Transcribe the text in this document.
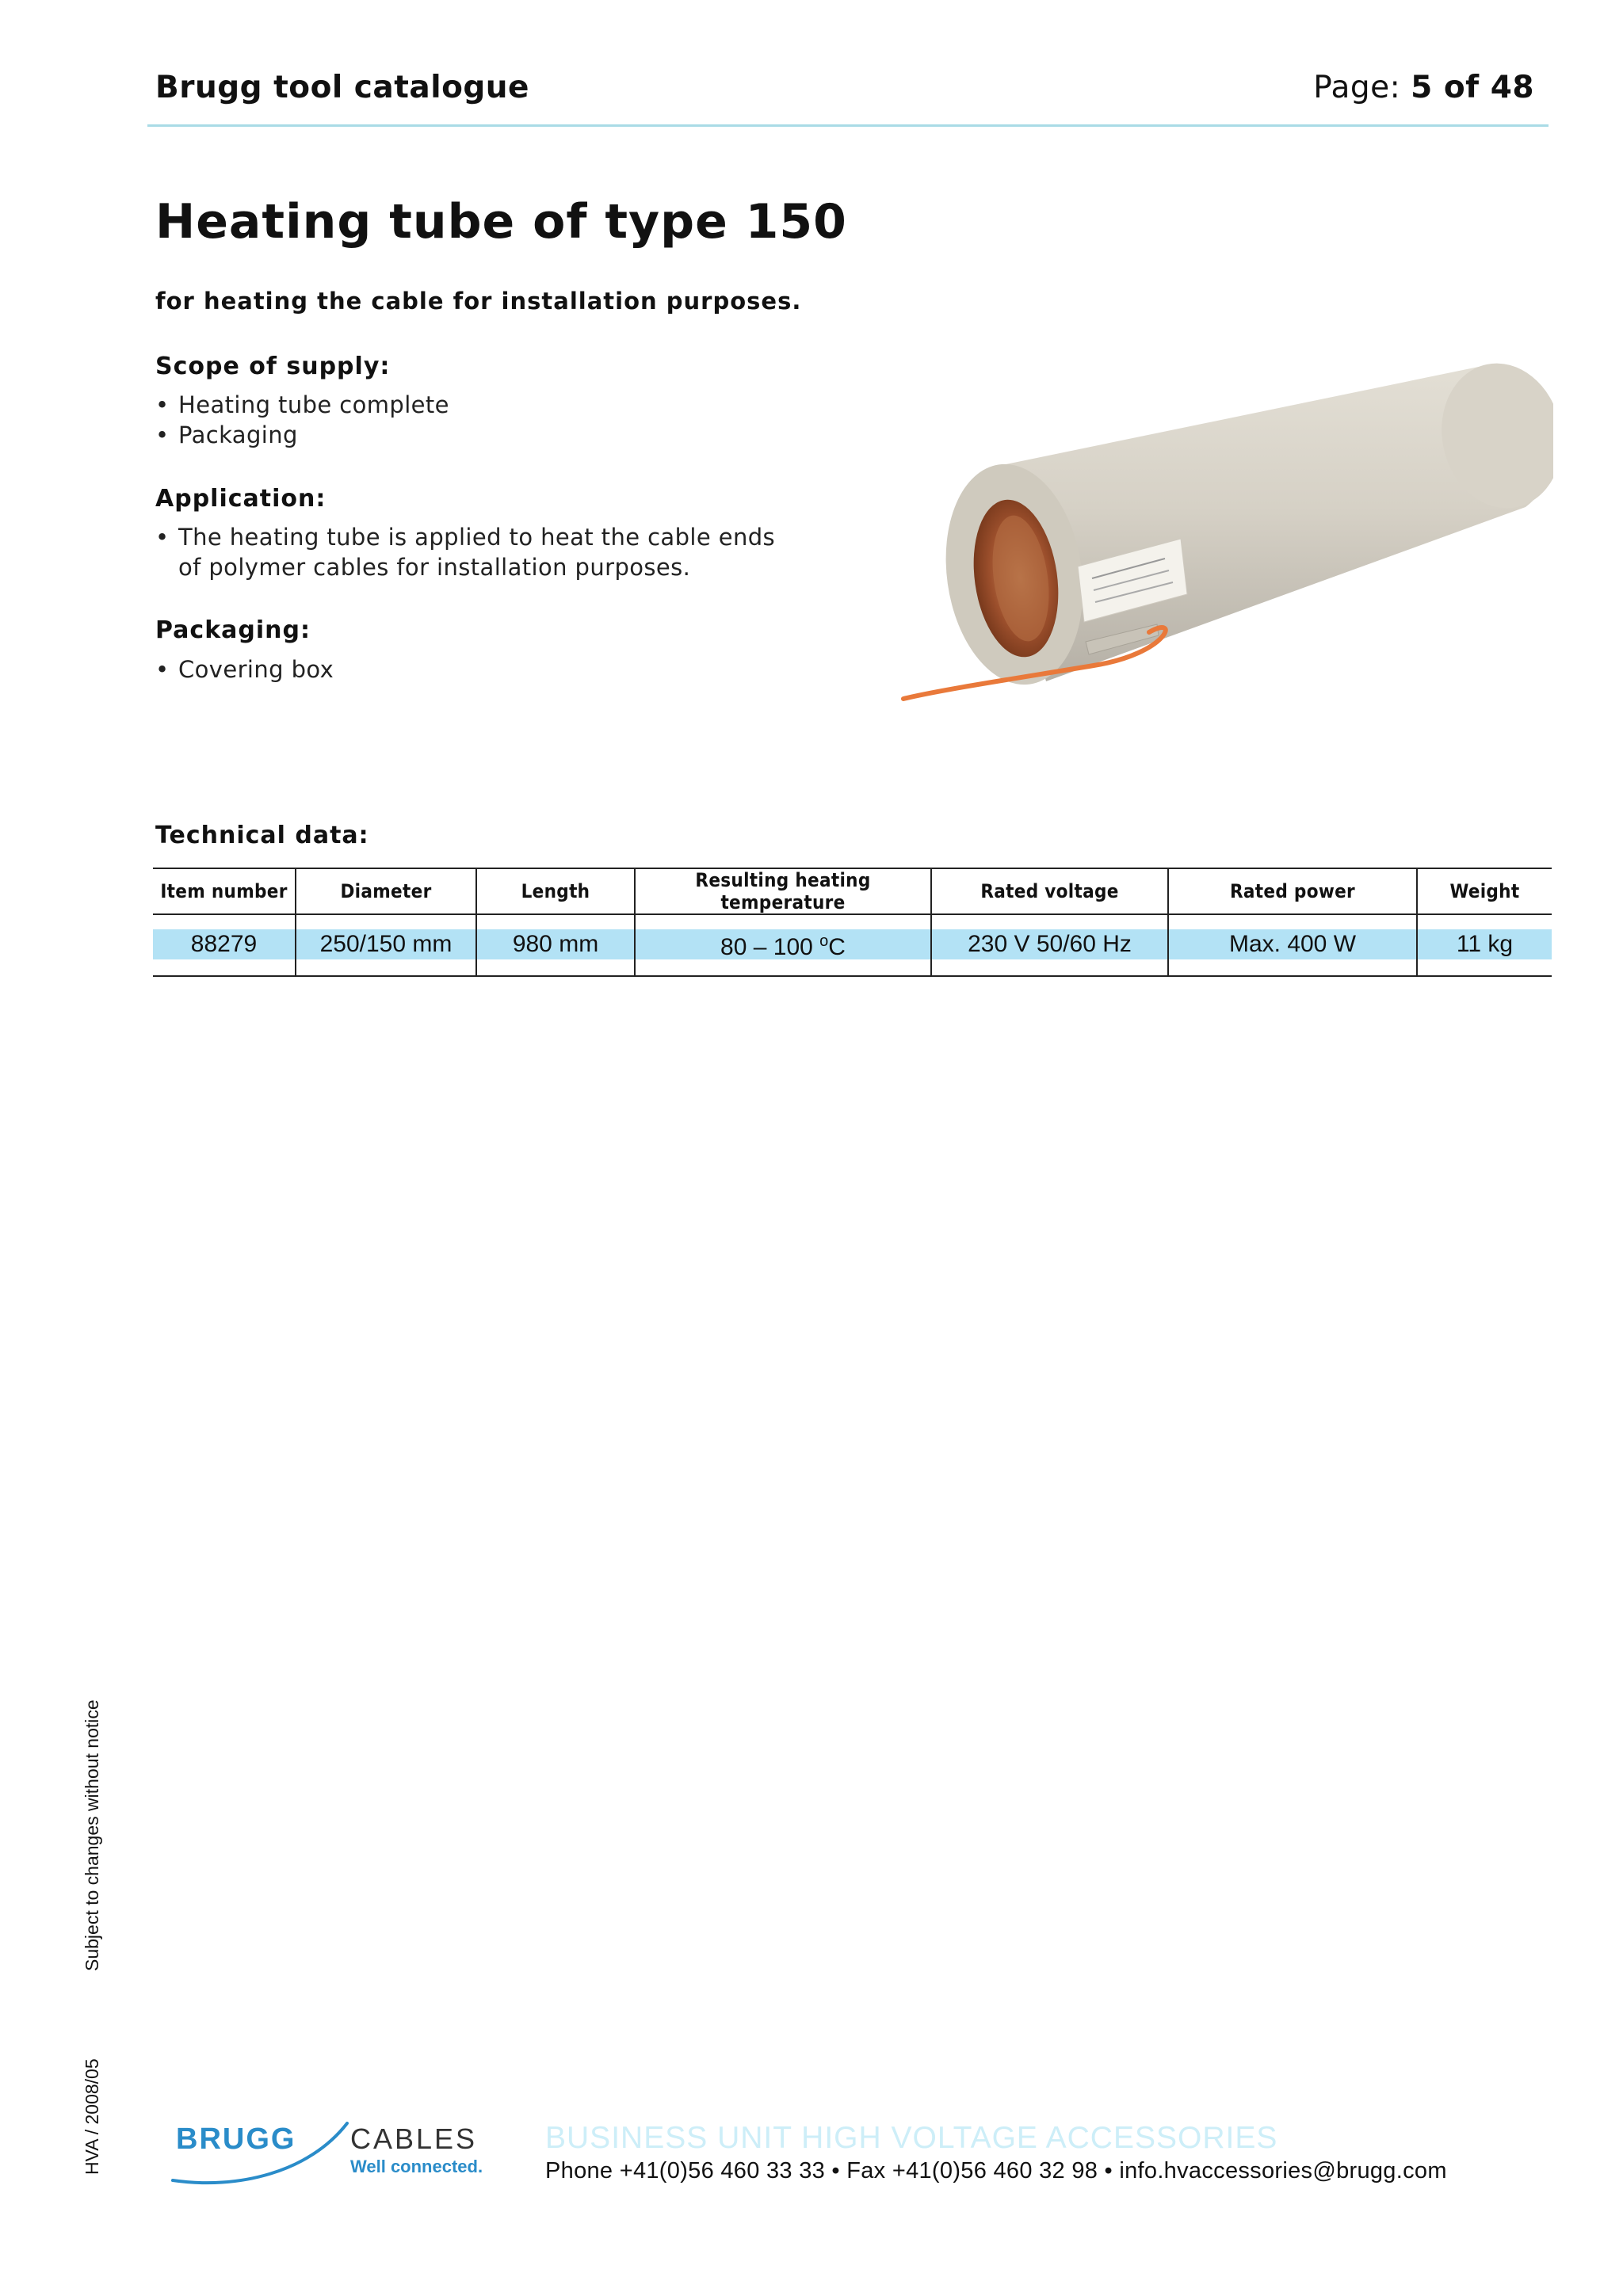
Brugg tool catalogue	Page: 5 of 48
Heating tube of type 150
for heating the cable for installation purposes.
Scope of supply:
• Heating tube complete
• Packaging
Application:
• The heating tube is applied to heat the cable ends of polymer cables for installation purposes.
Packaging:
• Covering box
Technical data:
Item number	Diameter	Length	Resulting heating temperature	Rated voltage	Rated power	Weight

88279	250/150 mm	980 mm	80 – 100 $^o$C	230 V 50/60 Hz	Max. 400 W	11 kg
Subject to changes without notice
HVA / 2008/05 BRUGG CABLES
Well connected.
BUSINESS UNIT HIGH VOLTAGE ACCESSORIES
Phone +41(0)56 460 33 33 • Fax +41(0)56 460 32 98 • info.hvaccessories@brugg.com
